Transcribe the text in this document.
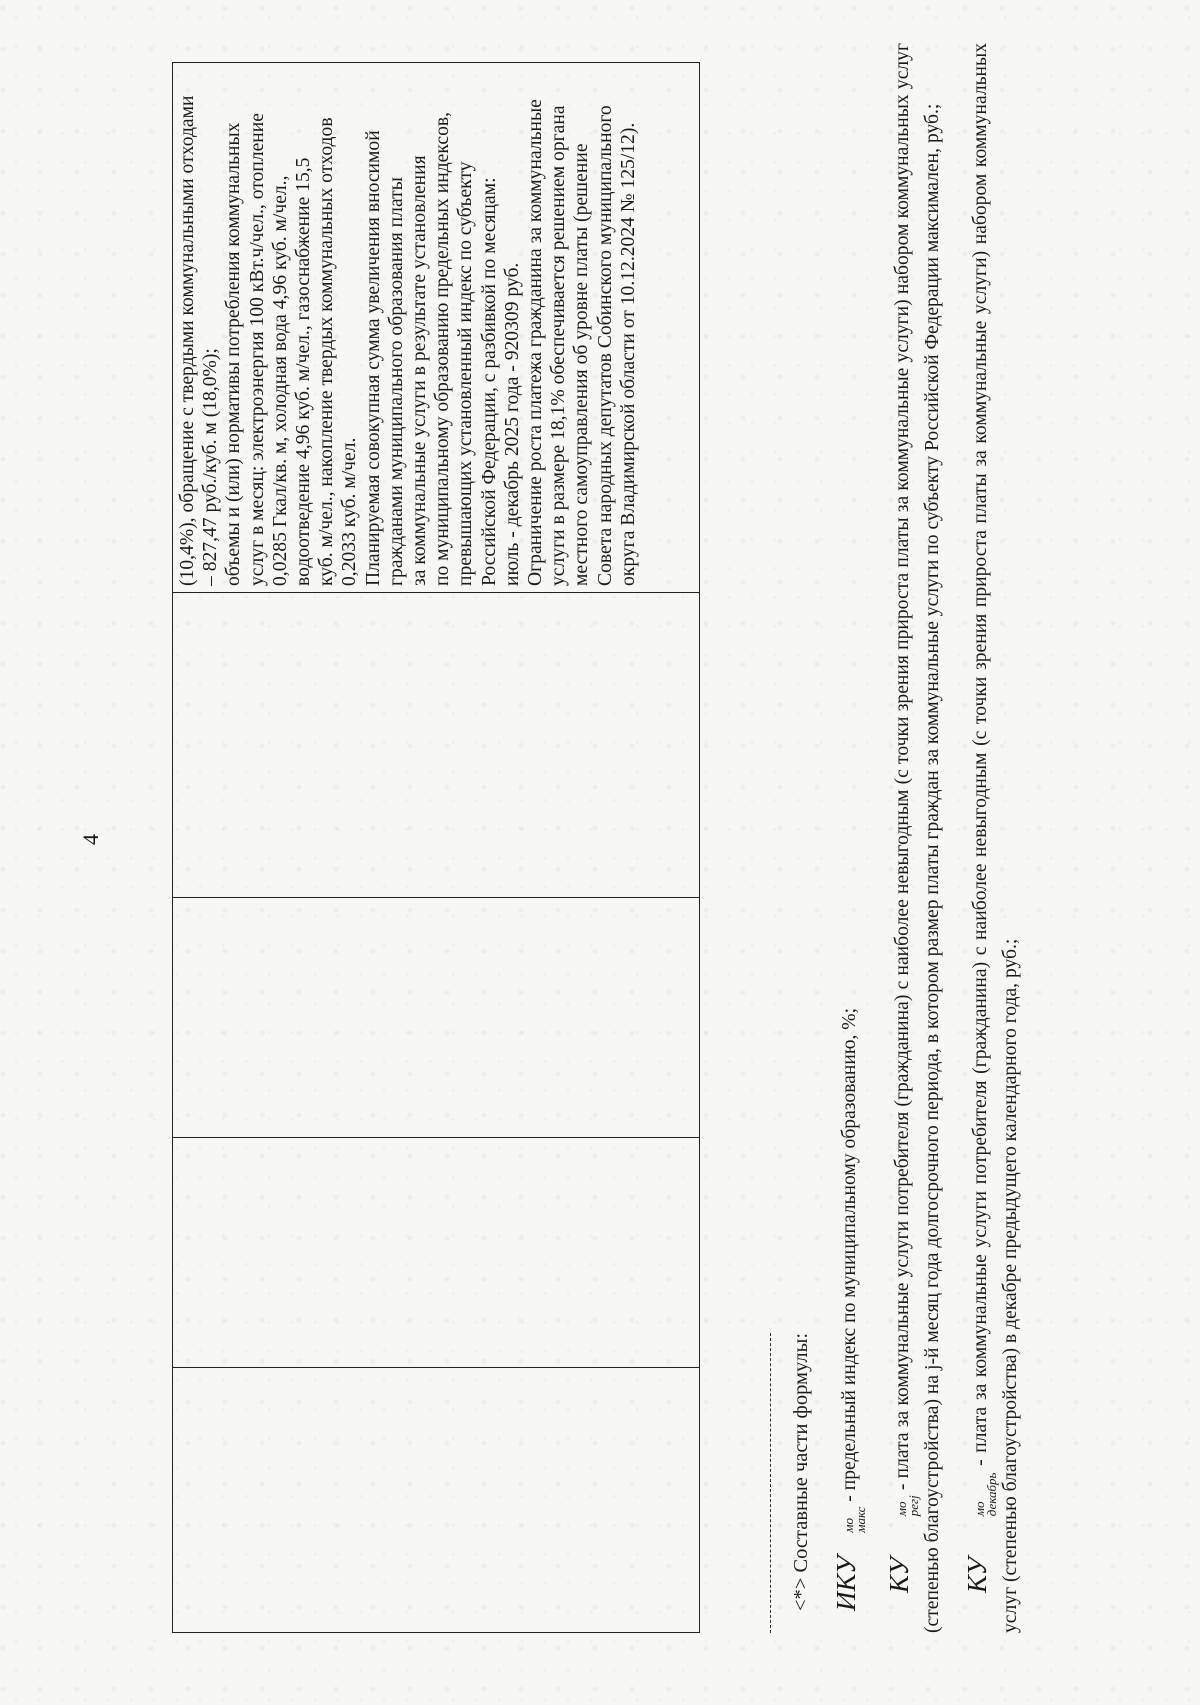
4

(10,4%), обращение с твердыми коммунальными отходами – 827,47 руб./куб. м (18,0%); объемы и (или) нормативы потребления коммунальных услуг в месяц: электроэнергия 100 кВт.ч/чел., отопление 0,0285 Гкал/кв. м, холодная вода 4,96 куб. м/чел., водоотведение 4,96 куб. м/чел., газоснабжение 15,5 куб. м/чел., накопление твердых коммунальных отходов 0,2033 куб. м/чел. Планируемая совокупная сумма увеличения вносимой гражданами муниципального образования платы за коммунальные услуги в результате установления по муниципальному образованию предельных индексов, превышающих установленный индекс по субъекту Российской Федерации, с разбивкой по месяцам: июль - декабрь 2025 года - 920309 руб. Ограничение роста платежа гражданина за коммунальные услуги в размере 18,1% обеспечивается решением органа местного самоуправления об уровне платы (решение Совета народных депутатов Собинского муниципального округа Владимирской области от 10.12.2024 № 125/12).
<*> Составные части формулы: ИКУ
мо
макс
- предельный индекс по муниципальному образованию, %;
КУ
мо
регj
- плата за коммунальные услуги потребителя (гражданина) с наиболее невыгодным (с точки зрения прироста платы за коммунальные услуги) набором коммунальных услуг (степенью благоустройства) на j-й месяц года долгосрочного периода, в котором размер платы граждан за коммунальные услуги по субъекту Российской Федерации максимален, руб.; КУ
мо
декабрь
- плата за коммунальные услуги потребителя (гражданина) с наиболее невыгодным (с точки зрения прироста платы за коммунальные услуги) набором коммунальных услуг (степенью благоустройства) в декабре предыдущего календарного года, руб.;
